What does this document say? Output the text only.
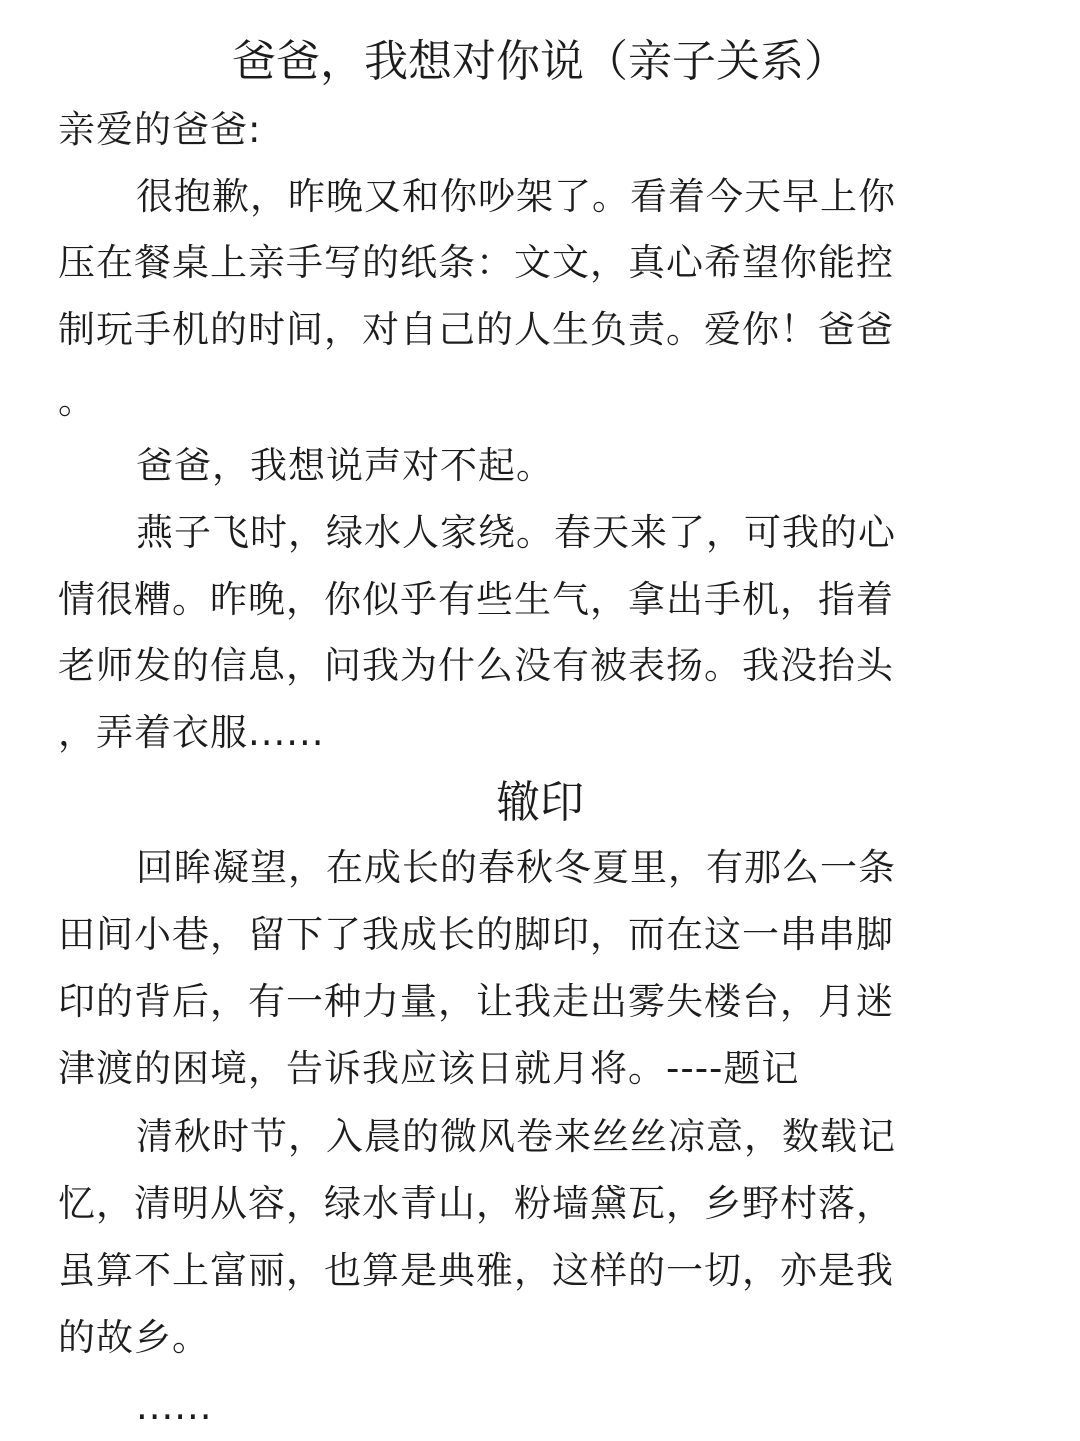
爸爸，我想对你说（亲子关系）
亲爱的爸爸:
很抱歉，昨晚又和你吵架了。看着今天早上你
压在餐桌上亲手写的纸条：文文，真心希望你能控
制玩手机的时间，对自己的人生负责。爱你！爸爸
。
爸爸，我想说声对不起。
燕子飞时，绿水人家绕。春天来了，可我的心
情很糟。昨晚，你似乎有些生气，拿出手机，指着
老师发的信息，问我为什么没有被表扬。我没抬头
，弄着衣服......
辙印
回眸凝望，在成长的春秋冬夏里，有那么一条
田间小巷，留下了我成长的脚印，而在这一串串脚
印的背后，有一种力量，让我走出雾失楼台，月迷
津渡的困境，告诉我应该日就月将。----题记
清秋时节，入晨的微风卷来丝丝凉意，数载记
忆，清明从容，绿水青山，粉墙黛瓦，乡野村落，
虽算不上富丽，也算是典雅，这样的一切，亦是我
的故乡。
......
